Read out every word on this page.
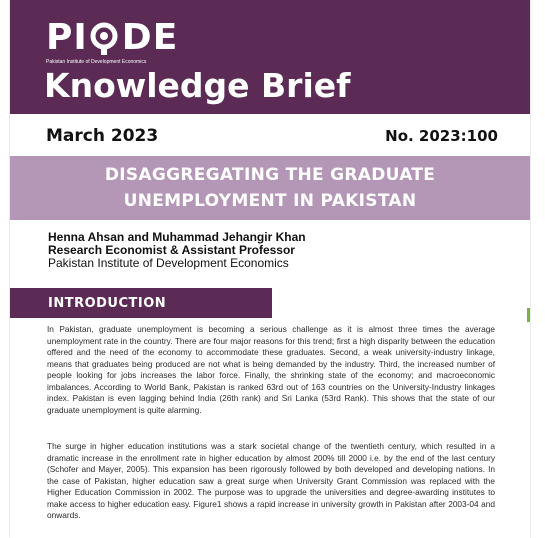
P I D E
Pakistan Institute of Development Economics
Knowledge Brief
March 2023	No. 2023:100
DISAGGREGATING THE GRADUATE
UNEMPLOYMENT IN PAKISTAN
Henna Ahsan and Muhammad Jehangir Khan
Research Economist & Assistant Professor
Pakistan Institute of Development Economics
INTRODUCTION

In Pakistan, graduate unemployment is becoming a serious challenge as it is almost three times the average unemployment rate in the country. There are four major reasons for this trend; first a high disparity between the education offered and the need of the economy to accommodate these graduates. Second, a weak university-industry linkage, means that graduates being produced are not what is being demanded by the industry. Third, the increased number of people looking for jobs increases the labor force. Finally, the shrinking state of the economy; and macroeconomic imbalances. According to World Bank, Pakistan is ranked 63rd out of 163 countries on the University-Industry linkages index. Pakistan is even lagging behind India (26th rank) and Sri Lanka (53rd Rank). This shows that the state of our graduate unemployment is quite alarming.

The surge in higher education institutions was a stark societal change of the twentieth century, which resulted in a dramatic increase in the enrollment rate in higher education by almost 200% till 2000 i.e. by the end of the last century (Schofer and Mayer, 2005). This expansion has been rigorously followed by both developed and developing nations. In the case of Pakistan, higher education saw a great surge when University Grant Commission was replaced with the Higher Education Commission in 2002. The purpose was to upgrade the universities and degree-awarding institutes to make access to higher education easy. Figure1 shows a rapid increase in university growth in Pakistan after 2003-04 and onwards.
